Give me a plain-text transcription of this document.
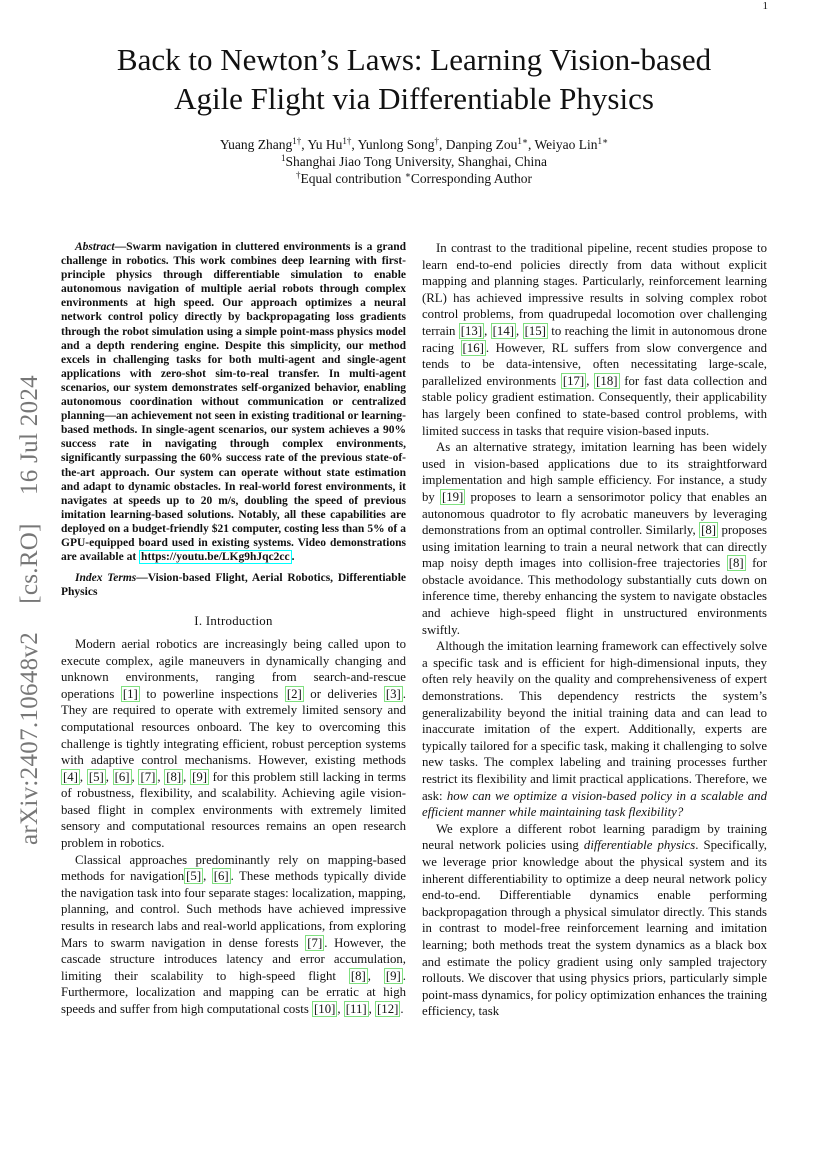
1
arXiv:2407.10648v2
[cs.RO]
16 Jul 2024
Back to Newton’s Laws: Learning Vision-based
Agile Flight via Differentiable Physics
Yuang Zhang$^{1\dagger}$, Yu $Hu^{1\dagger}$, Yunlong Song†, Danping Zou$^{1∗}$, Weiyao Lin$^{1∗}$
$^1$Shanghai Jiao Tong University, Shanghai, China
†Equal contribution ∗Corresponding Author

Abstract—Swarm navigation in cluttered environments is a grand challenge in robotics. This work combines deep learning with first-principle physics through differentiable simulation to enable autonomous navigation of multiple aerial robots through complex environments at high speed. Our approach optimizes a neural network control policy directly by backpropagating loss gradients through the robot simulation using a simple point-mass physics model and a depth rendering engine. Despite this simplicity, our method excels in challenging tasks for both multi-agent and single-agent applications with zero-shot sim-to-real transfer. In multi-agent scenarios, our system demonstrates self-organized behavior, enabling autonomous coordination without communication or centralized planning—an achievement not seen in existing traditional or learning-based methods. In single-agent scenarios, our system achieves a 90% success rate in navigating through complex environments, significantly surpassing the 60% success rate of the previous state-of-the-art approach. Our system can operate without state estimation and adapt to dynamic obstacles. In real-world forest environments, it navigates at speeds up to 20 m/s, doubling the speed of previous imitation learning-based solutions. Notably, all these capabilities are deployed on a budget-friendly $21 computer, costing less than 5% of a GPU-equipped board used in existing systems. Video demonstrations are available at https://youtu.be/LKg9hJqc2cc .

Index Terms—Vision-based Flight, Aerial Robotics, Differentiable Physics

I. Introduction

Modern aerial robotics are increasingly being called upon to execute complex, agile maneuvers in dynamically changing and unknown environments, ranging from search-and-rescue operations [1] to powerline inspections [2] or deliveries [3] . They are required to operate with extremely limited sensory and computational resources onboard. The key to overcoming this challenge is tightly integrating efficient, robust perception systems with adaptive control mechanisms. However, existing methods [4] , [5] , [6] , [7] , [8] , [9] for this problem still lacking in terms of robustness, flexibility, and scalability. Achieving agile vision-based flight in complex environments with extremely limited sensory and computational resources remains an open research problem in robotics.

Classical approaches predominantly rely on mapping-based methods for navigation [5] , [6] . These methods typically divide the navigation task into four separate stages: localization, mapping, planning, and control. Such methods have achieved impressive results in research labs and real-world applications, from exploring Mars to swarm navigation in dense forests [7] . However, the cascade structure introduces latency and error accumulation, limiting their scalability to high-speed flight [8] , [9] . Furthermore, localization and mapping can be erratic at high speeds and suffer from high computational costs [10] , [11] , [12] .

In contrast to the traditional pipeline, recent studies propose to learn end-to-end policies directly from data without explicit mapping and planning stages. Particularly, reinforcement learning (RL) has achieved impressive results in solving complex robot control problems, from quadrupedal locomotion over challenging terrain [13] , [14] , [15] to reaching the limit in autonomous drone racing [16] . However, RL suffers from slow convergence and tends to be data-intensive, often necessitating large-scale, parallelized environments [17] , [18] for fast data collection and stable policy gradient estimation. Consequently, their applicability has largely been confined to state-based control problems, with limited success in tasks that require vision-based inputs.

As an alternative strategy, imitation learning has been widely used in vision-based applications due to its straightforward implementation and high sample efficiency. For instance, a study by [19] proposes to learn a sensorimotor policy that enables an autonomous quadrotor to fly acrobatic maneuvers by leveraging demonstrations from an optimal controller. Similarly, [8] proposes using imitation learning to train a neural network that can directly map noisy depth images into collision-free trajectories [8] for obstacle avoidance. This methodology substantially cuts down on inference time, thereby enhancing the system to navigate obstacles and achieve high-speed flight in unstructured environments swiftly.

Although the imitation learning framework can effectively solve a specific task and is efficient for high-dimensional inputs, they often rely heavily on the quality and comprehensiveness of expert demonstrations. This dependency restricts the system’s generalizability beyond the initial training data and can lead to inaccurate imitation of the expert. Additionally, experts are typically tailored for a specific task, making it challenging to solve new tasks. The complex labeling and training processes further restrict its flexibility and limit practical applications. Therefore, we ask: how can we optimize a vision-based policy in a scalable and efficient manner while maintaining task flexibility?

We explore a different robot learning paradigm by training neural network policies using differentiable physics. Specifically, we leverage prior knowledge about the physical system and its inherent differentiability to optimize a deep neural network policy end-to-end. Differentiable dynamics enable performing backpropagation through a physical simulator directly. This stands in contrast to model-free reinforcement learning and imitation learning; both methods treat the system dynamics as a black box and estimate the policy gradient using only sampled trajectory rollouts. We discover that using physics priors, particularly simple point-mass dynamics, for policy optimization enhances the training efficiency, task
